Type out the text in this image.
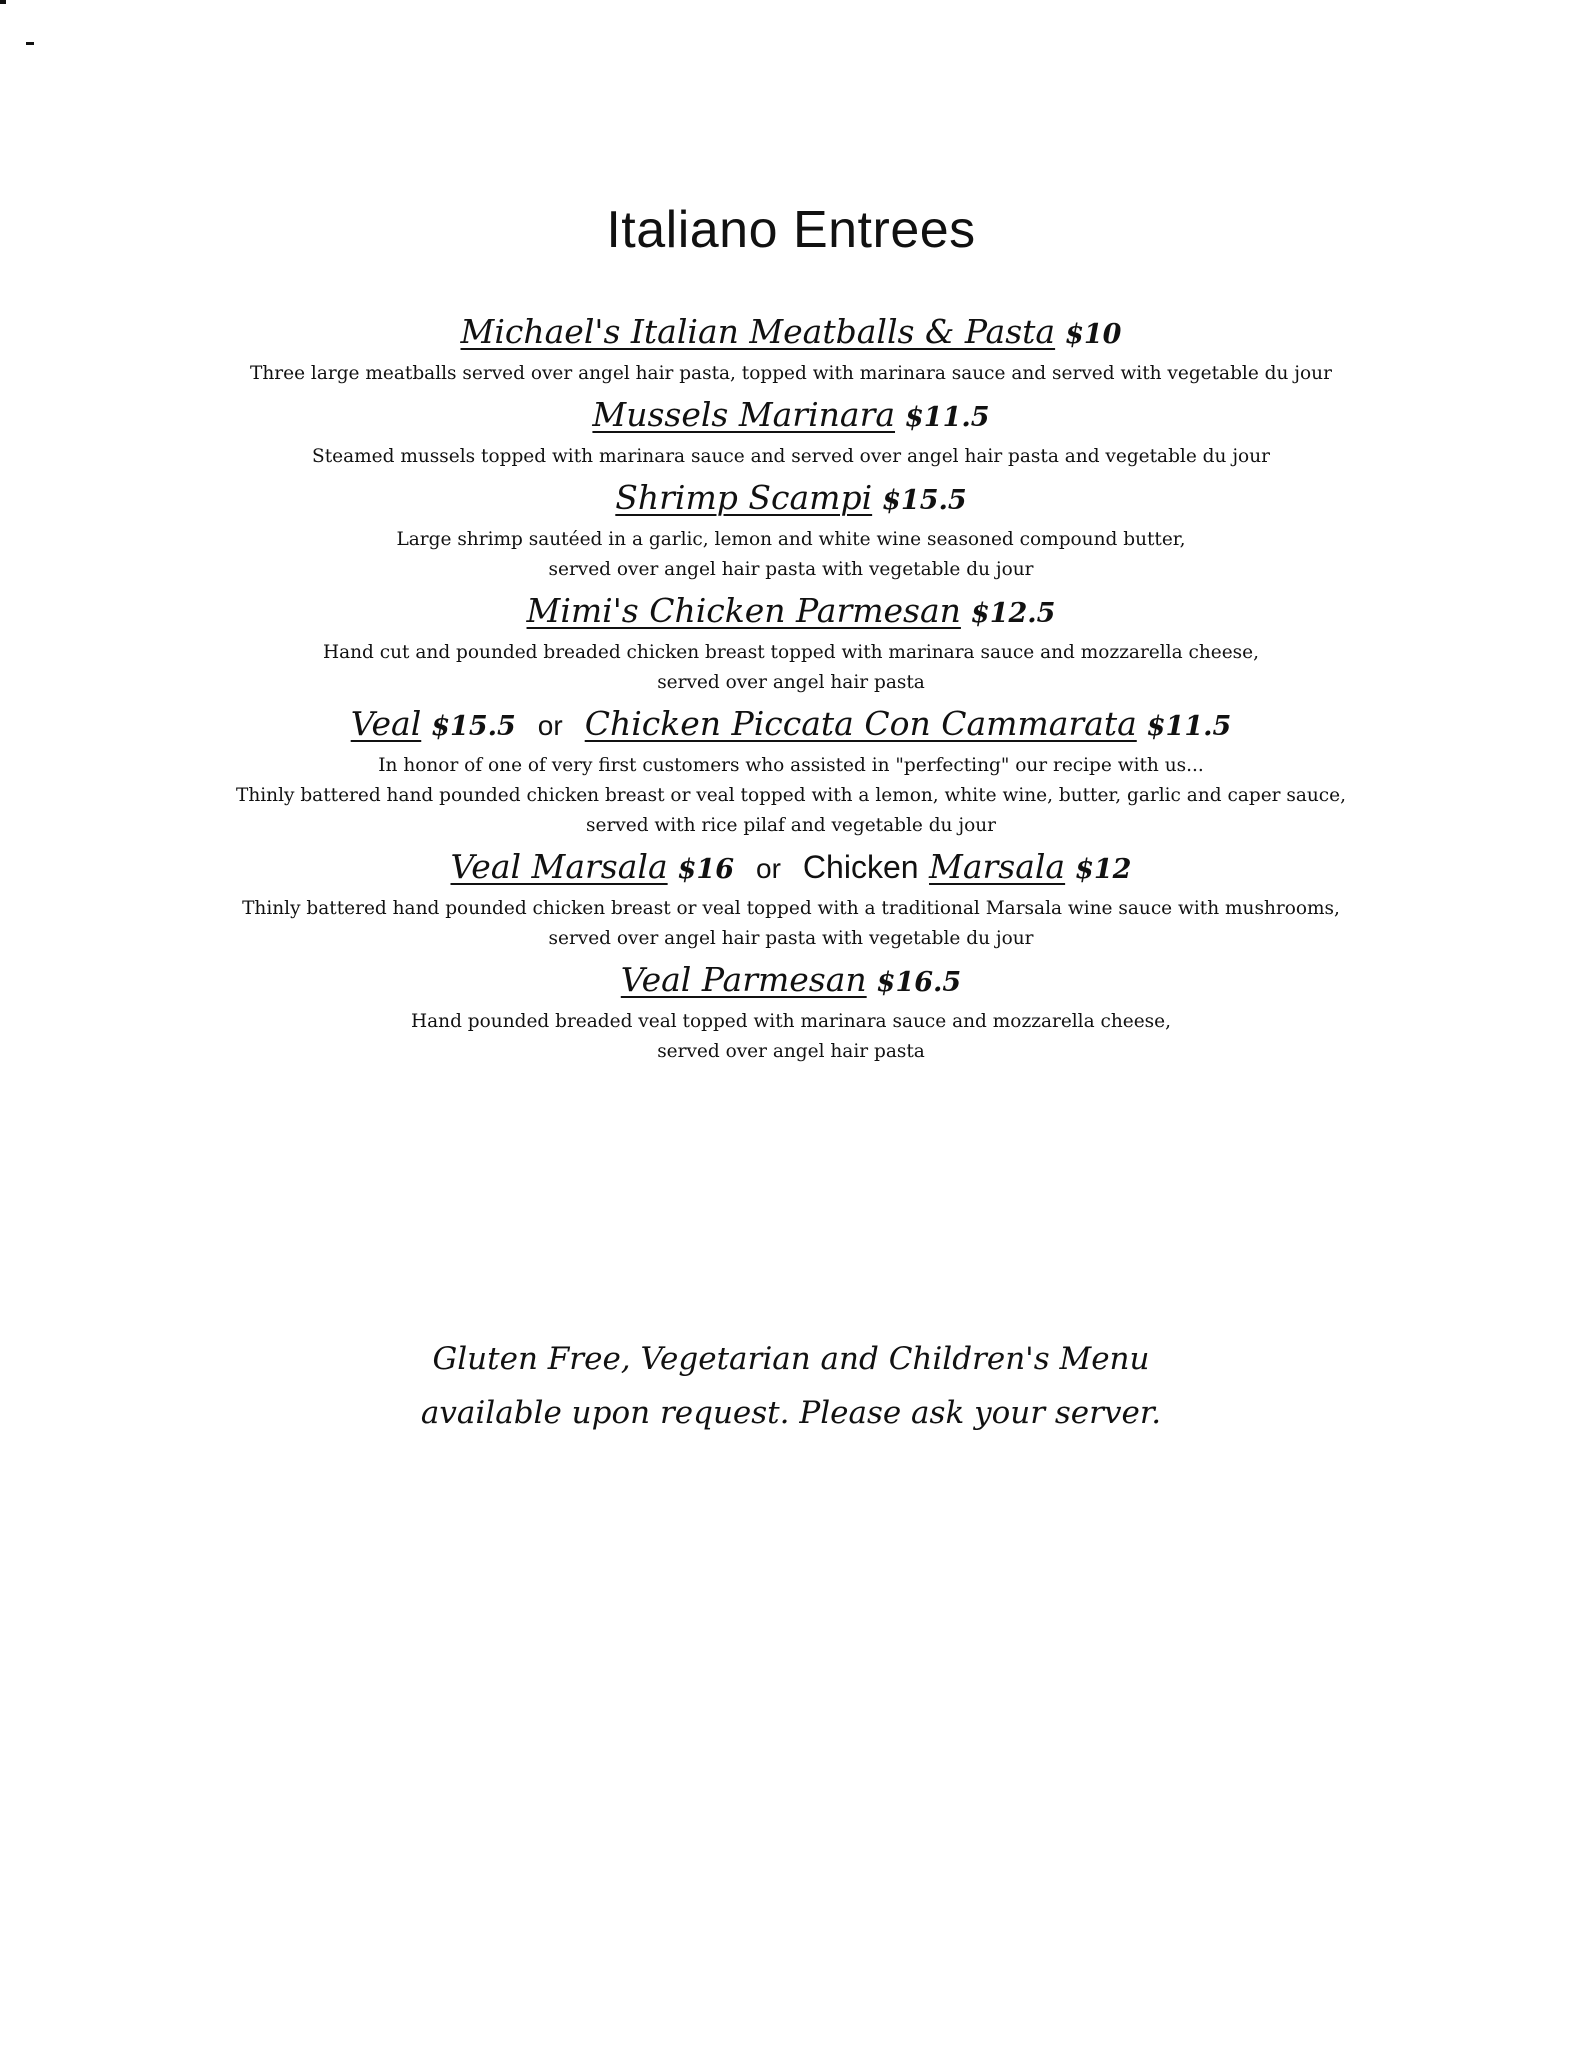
Italiano Entrees

Michael's Italian Meatballs & Pasta $10

Three large meatballs served over angel hair pasta, topped with marinara sauce and served with vegetable du jour

Mussels Marinara $11.5

Steamed mussels topped with marinara sauce and served over angel hair pasta and vegetable du jour

Shrimp Scampi $15.5

Large shrimp sautéed in a garlic, lemon and white wine seasoned compound butter,
served over angel hair pasta with vegetable du jour

Mimi's Chicken Parmesan $12.5

Hand cut and pounded breaded chicken breast topped with marinara sauce and mozzarella cheese,
served over angel hair pasta

Veal $15.5 or Chicken Piccata Con Cammarata $11.5

In honor of one of very first customers who assisted in "perfecting" our recipe with us...
Thinly battered hand pounded chicken breast or veal topped with a lemon, white wine, butter, garlic and caper sauce,
served with rice pilaf and vegetable du jour

Veal Marsala $16 or Chicken Marsala $12

Thinly battered hand pounded chicken breast or veal topped with a traditional Marsala wine sauce with mushrooms,
served over angel hair pasta with vegetable du jour

Veal Parmesan $16.5

Hand pounded breaded veal topped with marinara sauce and mozzarella cheese,
served over angel hair pasta

Gluten Free, Vegetarian and Children's Menu
available upon request. Please ask your server.
